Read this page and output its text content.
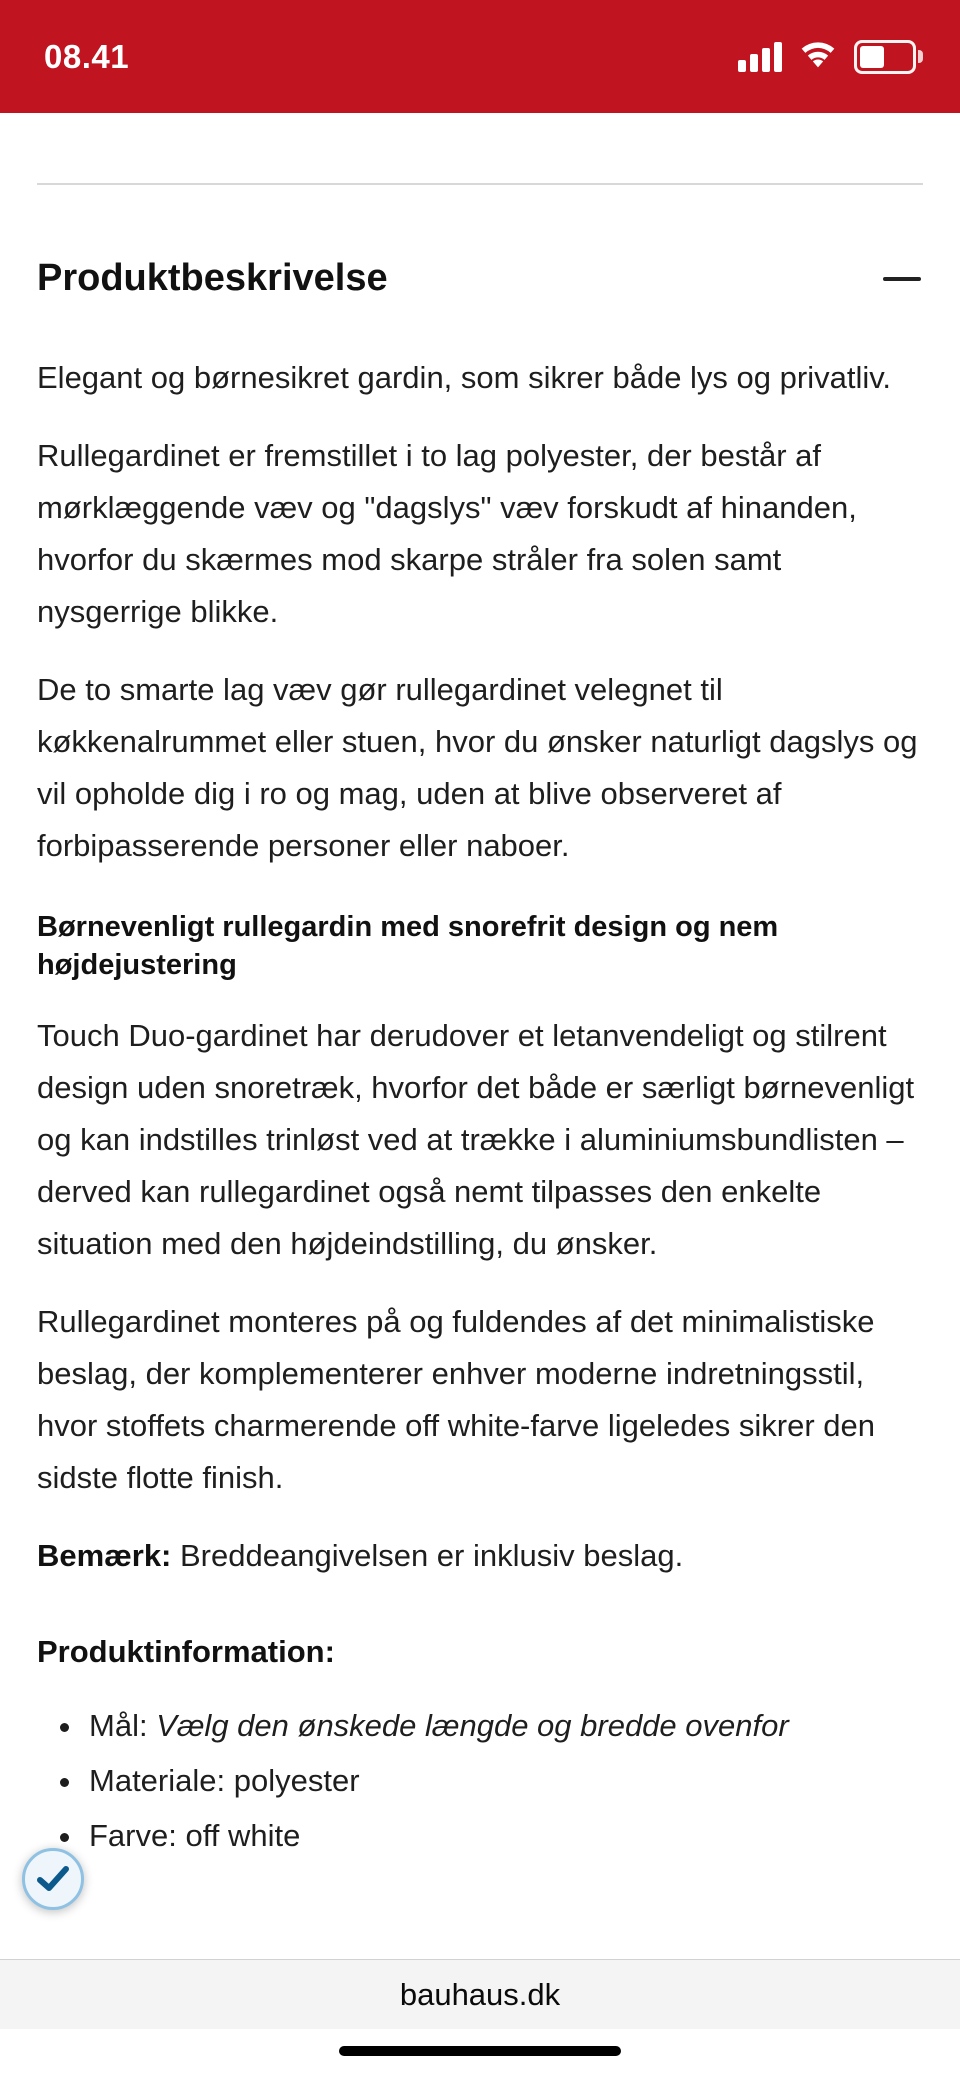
08.41
Produktbeskrivelse

Elegant og børnesikret gardin, som sikrer både lys og privatliv.

Rullegardinet er fremstillet i to lag polyester, der består af mørklæggende væv og "dagslys" væv forskudt af hinanden, hvorfor du skærmes mod skarpe stråler fra solen samt nysgerrige blikke.

De to smarte lag væv gør rullegardinet velegnet til køkkenalrummet eller stuen, hvor du ønsker naturligt dagslys og vil opholde dig i ro og mag, uden at blive observeret af forbipasserende personer eller naboer.

Børnevenligt rullegardin med snorefrit design og nem højdejustering

Touch Duo-gardinet har derudover et letanvendeligt og stilrent design uden snoretræk, hvorfor det både er særligt børnevenligt og kan indstilles trinløst ved at trække i aluminiumsbundlisten – derved kan rullegardinet også nemt tilpasses den enkelte situation med den højdeindstilling, du ønsker.

Rullegardinet monteres på og fuldendes af det minimalistiske beslag, der komplementerer enhver moderne indretningsstil, hvor stoffets charmerende off white-farve ligeledes sikrer den sidste flotte finish.

Bemærk: Breddeangivelsen er inklusiv beslag.

Produktinformation:

• Mål: Vælg den ønskede længde og bredde ovenfor
• Materiale: polyester
• Farve: off white
bauhaus.dk
